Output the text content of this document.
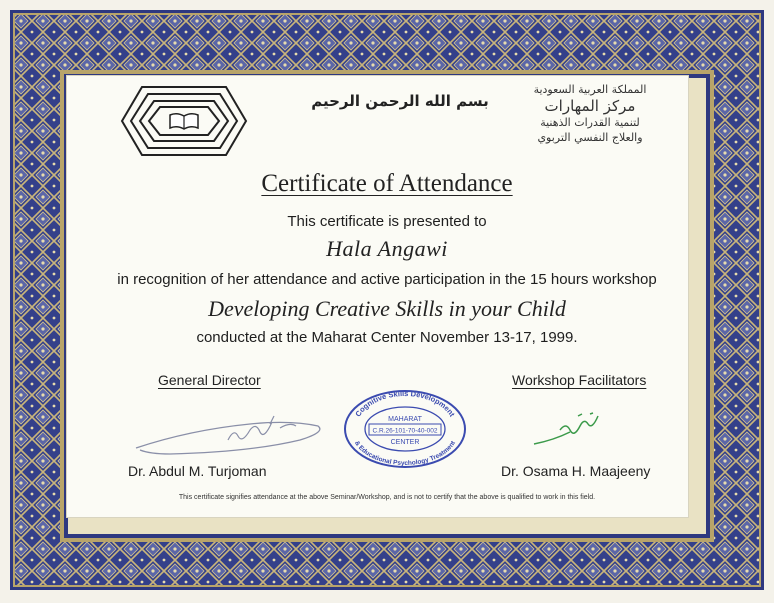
بسم الله الرحمن الرحيم
المملكة العربية السعودية
مركز المهارات
لتنمية القدرات الذهنية
والعلاج النفسي التربوي
Certificate of Attendance
This certificate is presented to
Hala Angawi
in recognition of her attendance and active participation in the 15 hours workshop
Developing Creative Skills in your Child
conducted at the Maharat Center November 13-17, 1999.
General Director	Workshop Facilitators
Dr. Abdul M. Turjoman	Dr. Osama H. Maajeeny
Cognitive Skills Development
& Educational Psychology Treatment
MAHARAT
C.R.26-101-70-40-002
CENTER
This certificate signifies attendance at the above Seminar/Workshop, and is not to certify that the above is qualified to work in this field.
